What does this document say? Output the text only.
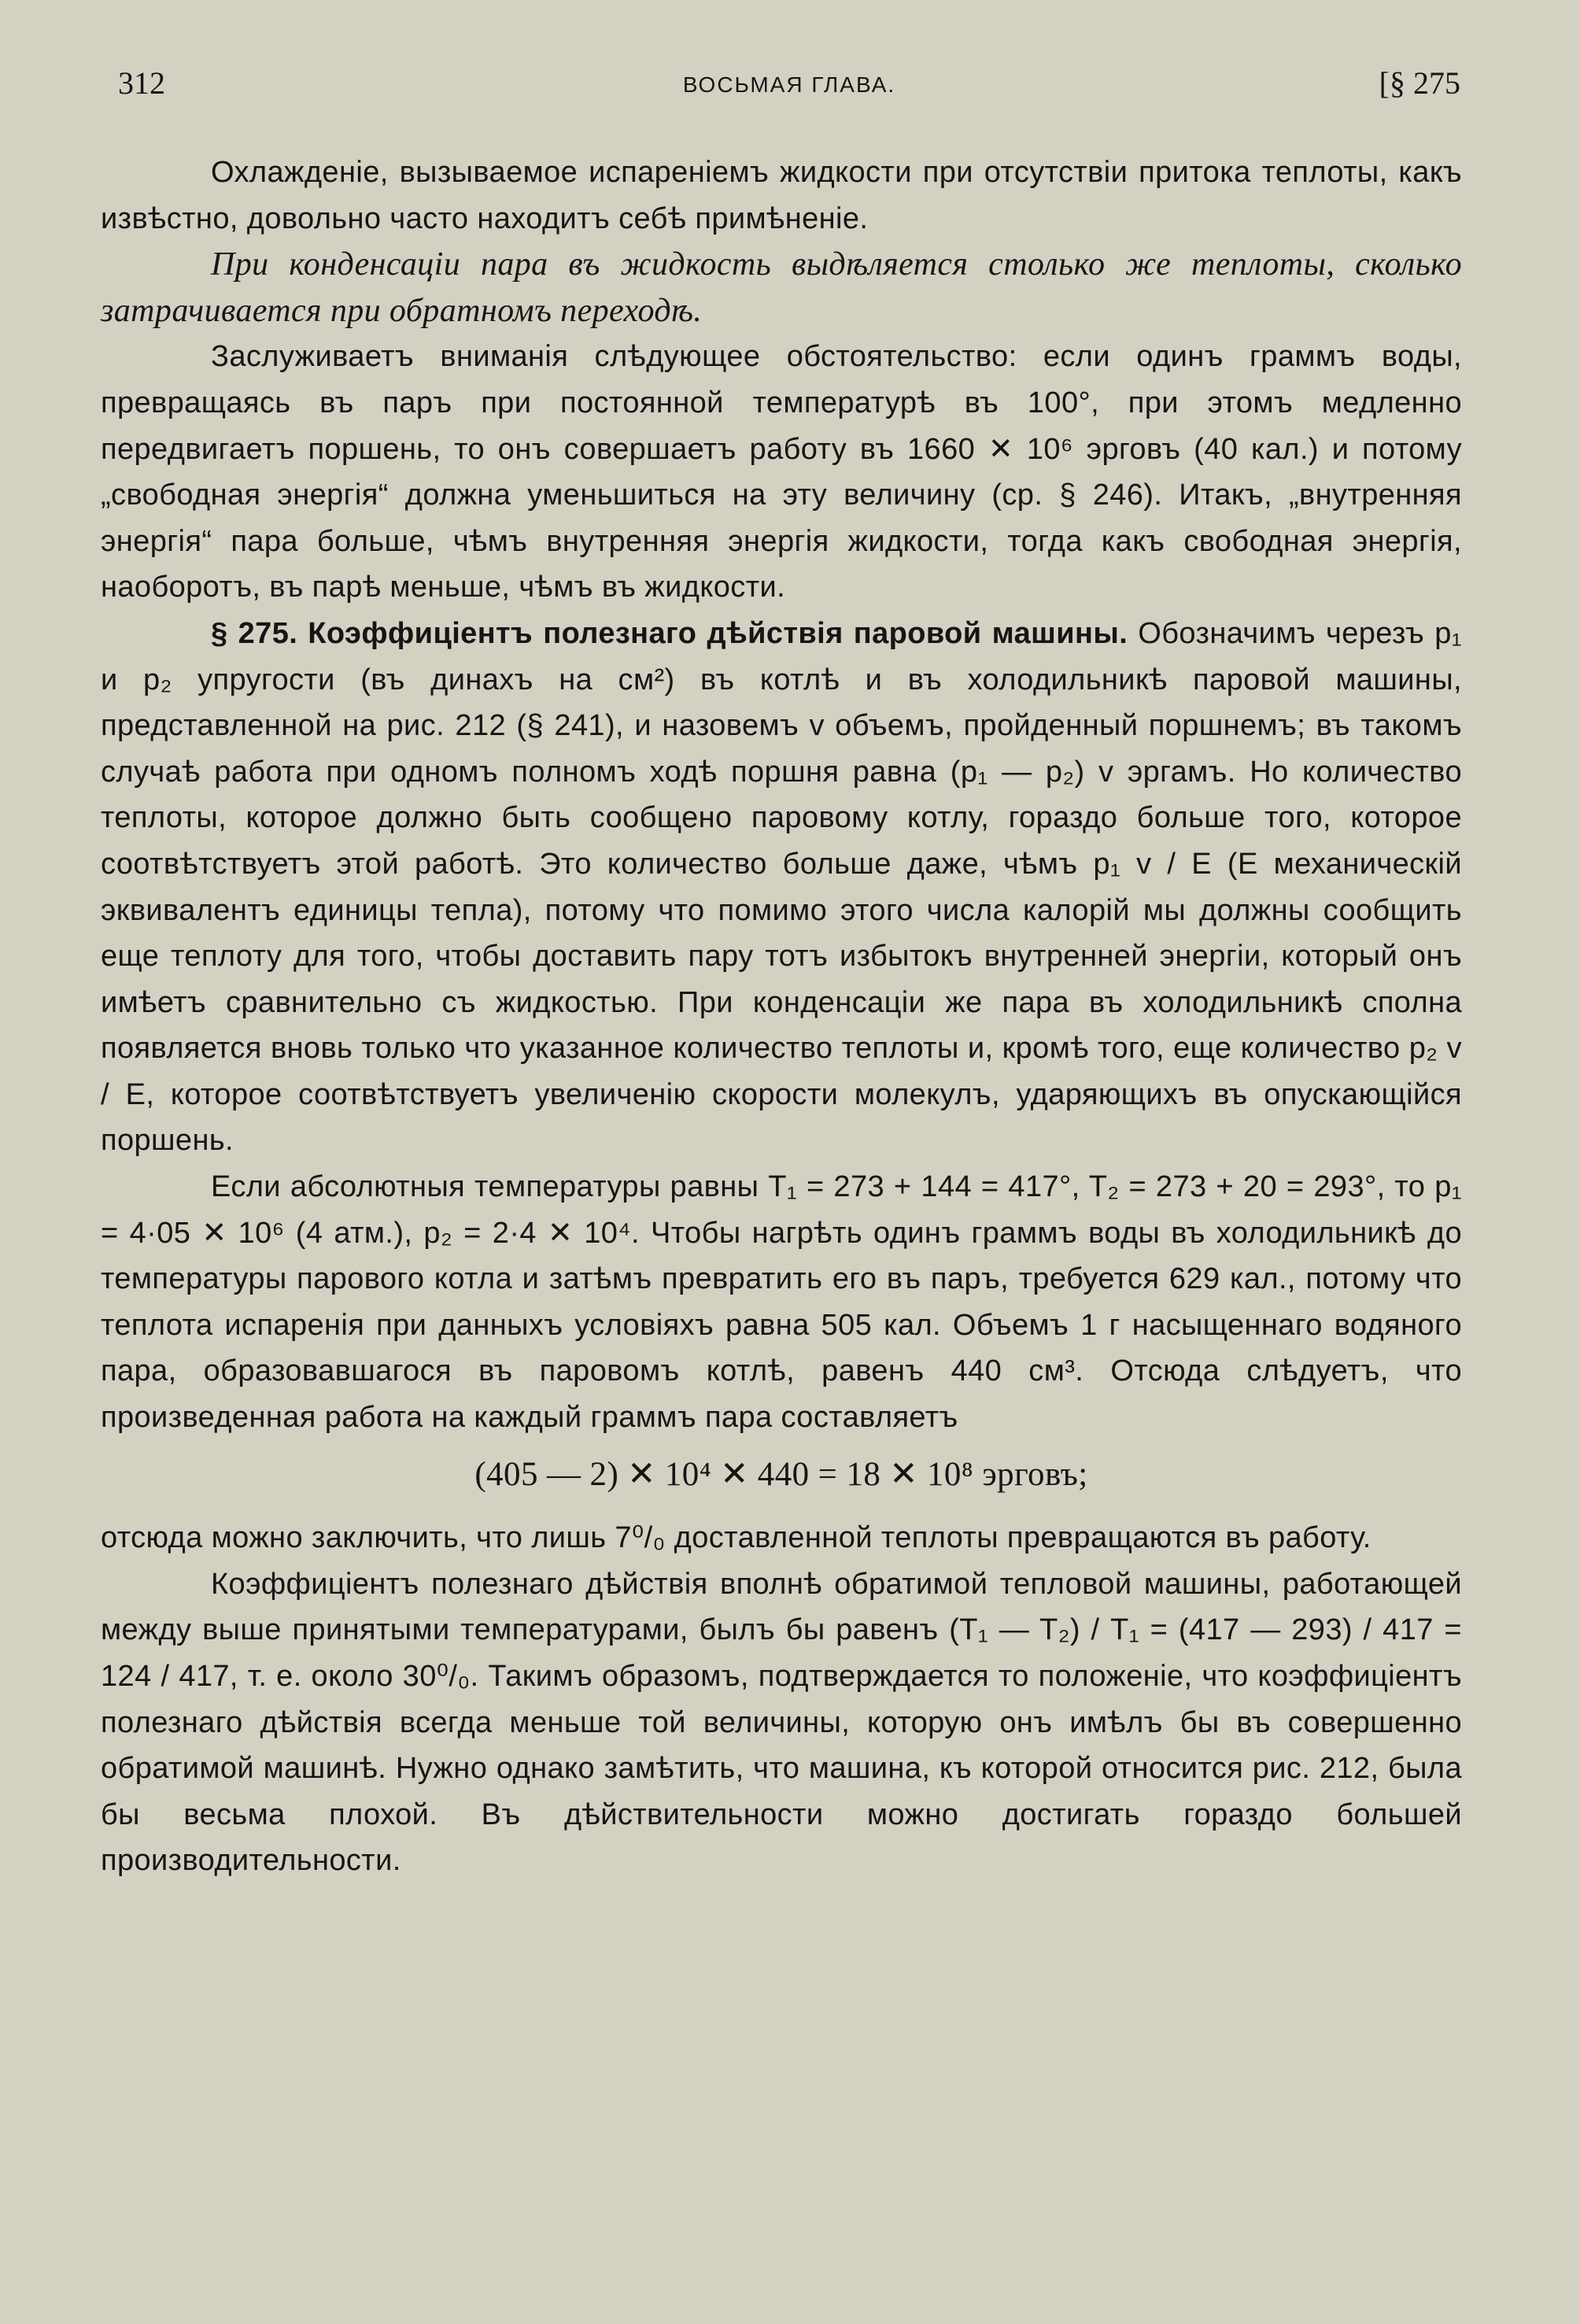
312	ВОСЬМАЯ ГЛАВА.	[§ 275

Охлажденіе, вызываемое испареніемъ жидкости при отсутствіи притока теплоты, какъ извѣстно, довольно часто находитъ себѣ примѣненіе.

При конденсаціи пара въ жидкость выдѣляется столько же теплоты, сколько затрачивается при обратномъ переходѣ.

Заслуживаетъ вниманія слѣдующее обстоятельство: если одинъ граммъ воды, превращаясь въ паръ при постоянной температурѣ въ 100°, при этомъ медленно передвигаетъ поршень, то онъ совершаетъ работу въ 1660 ✕ 10⁶ эрговъ (40 кал.) и потому „свободная энергія“ должна уменьшиться на эту величину (ср. § 246). Итакъ, „внутренняя энергія“ пара больше, чѣмъ внутренняя энергія жидкости, тогда какъ свободная энергія, наоборотъ, въ парѣ меньше, чѣмъ въ жидкости.

§ 275. Коэффиціентъ полезнаго дѣйствія паровой машины. Обозначимъ черезъ p₁ и p₂ упругости (въ динахъ на см²) въ котлѣ и въ холодильникѣ паровой машины, представленной на рис. 212 (§ 241), и назовемъ v объемъ, пройденный поршнемъ; въ такомъ случаѣ работа при одномъ полномъ ходѣ поршня равна (p₁ — p₂) v эргамъ. Но количество теплоты, которое должно быть сообщено паровому котлу, гораздо больше того, которое соотвѣтствуетъ этой работѣ. Это количество больше даже, чѣмъ p₁ v / E (E механическій эквивалентъ единицы тепла), потому что помимо этого числа калорій мы должны сообщить еще теплоту для того, чтобы доставить пару тотъ избытокъ внутренней энергіи, который онъ имѣетъ сравнительно съ жидкостью. При конденсаціи же пара въ холодильникѣ сполна появляется вновь только что указанное количество теплоты и, кромѣ того, еще количество p₂ v / E, которое соотвѣтствуетъ увеличенію скорости молекулъ, ударяющихъ въ опускающійся поршень.

Если абсолютныя температуры равны T₁ = 273 + 144 = 417°, T₂ = 273 + 20 = 293°, то p₁ = 4·05 ✕ 10⁶ (4 атм.), p₂ = 2·4 ✕ 10⁴. Чтобы нагрѣть одинъ граммъ воды въ холодильникѣ до температуры парового котла и затѣмъ превратить его въ паръ, требуется 629 кал., потому что теплота испаренія при данныхъ условіяхъ равна 505 кал. Объемъ 1 г насыщеннаго водяного пара, образовавшагося въ паровомъ котлѣ, равенъ 440 см³. Отсюда слѣдуетъ, что произведенная работа на каждый граммъ пара составляетъ

(405 — 2) ✕ 10⁴ ✕ 440 = 18 ✕ 10⁸ эрговъ;

отсюда можно заключить, что лишь 7⁰/₀ доставленной теплоты превращаются въ работу.

Коэффиціентъ полезнаго дѣйствія вполнѣ обратимой тепловой машины, работающей между выше принятыми температурами, былъ бы равенъ (T₁ — T₂) / T₁ = (417 — 293) / 417 = 124 / 417, т. е. около 30⁰/₀. Такимъ образомъ, подтверждается то положеніе, что коэффиціентъ полезнаго дѣйствія всегда меньше той величины, которую онъ имѣлъ бы въ совершенно обратимой машинѣ. Нужно однако замѣтить, что машина, къ которой относится рис. 212, была бы весьма плохой. Въ дѣйствительности можно достигать гораздо большей производительности.
